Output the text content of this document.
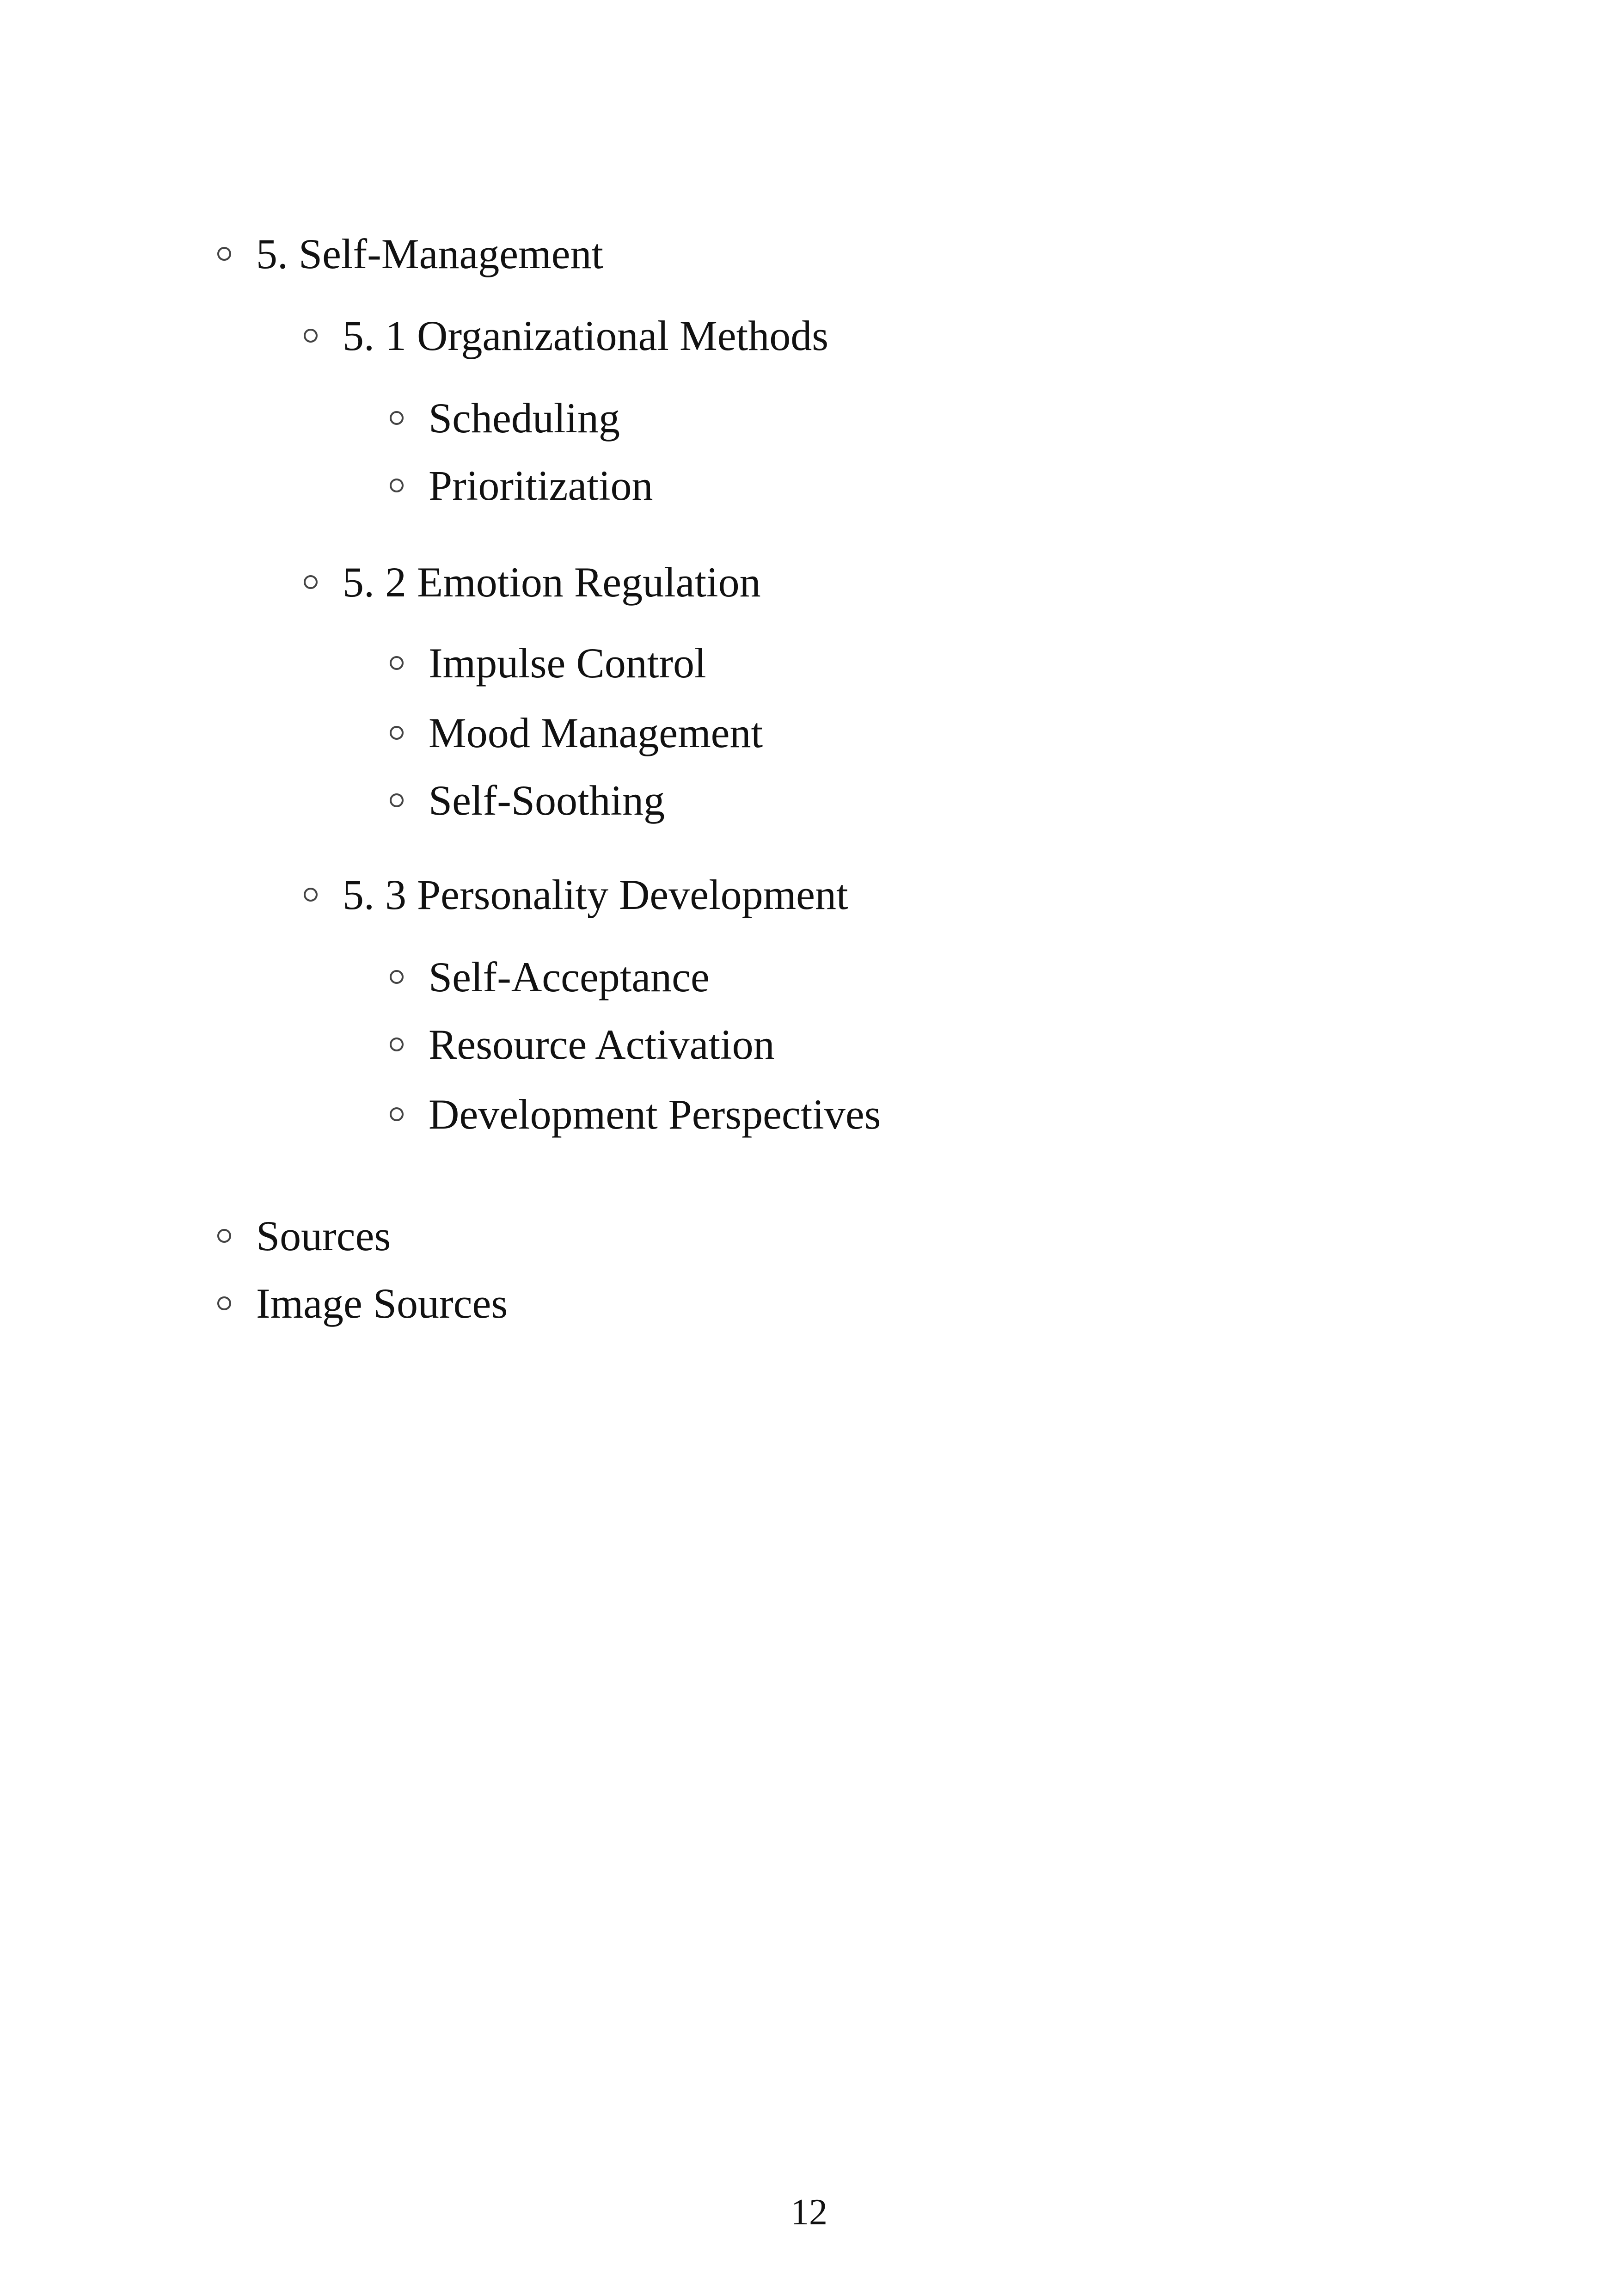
5. Self-Management
5. 1 Organizational Methods
Scheduling
Prioritization
5. 2 Emotion Regulation
Impulse Control
Mood Management
Self-Soothing
5. 3 Personality Development
Self-Acceptance
Resource Activation
Development Perspectives
Sources
Image Sources
12
